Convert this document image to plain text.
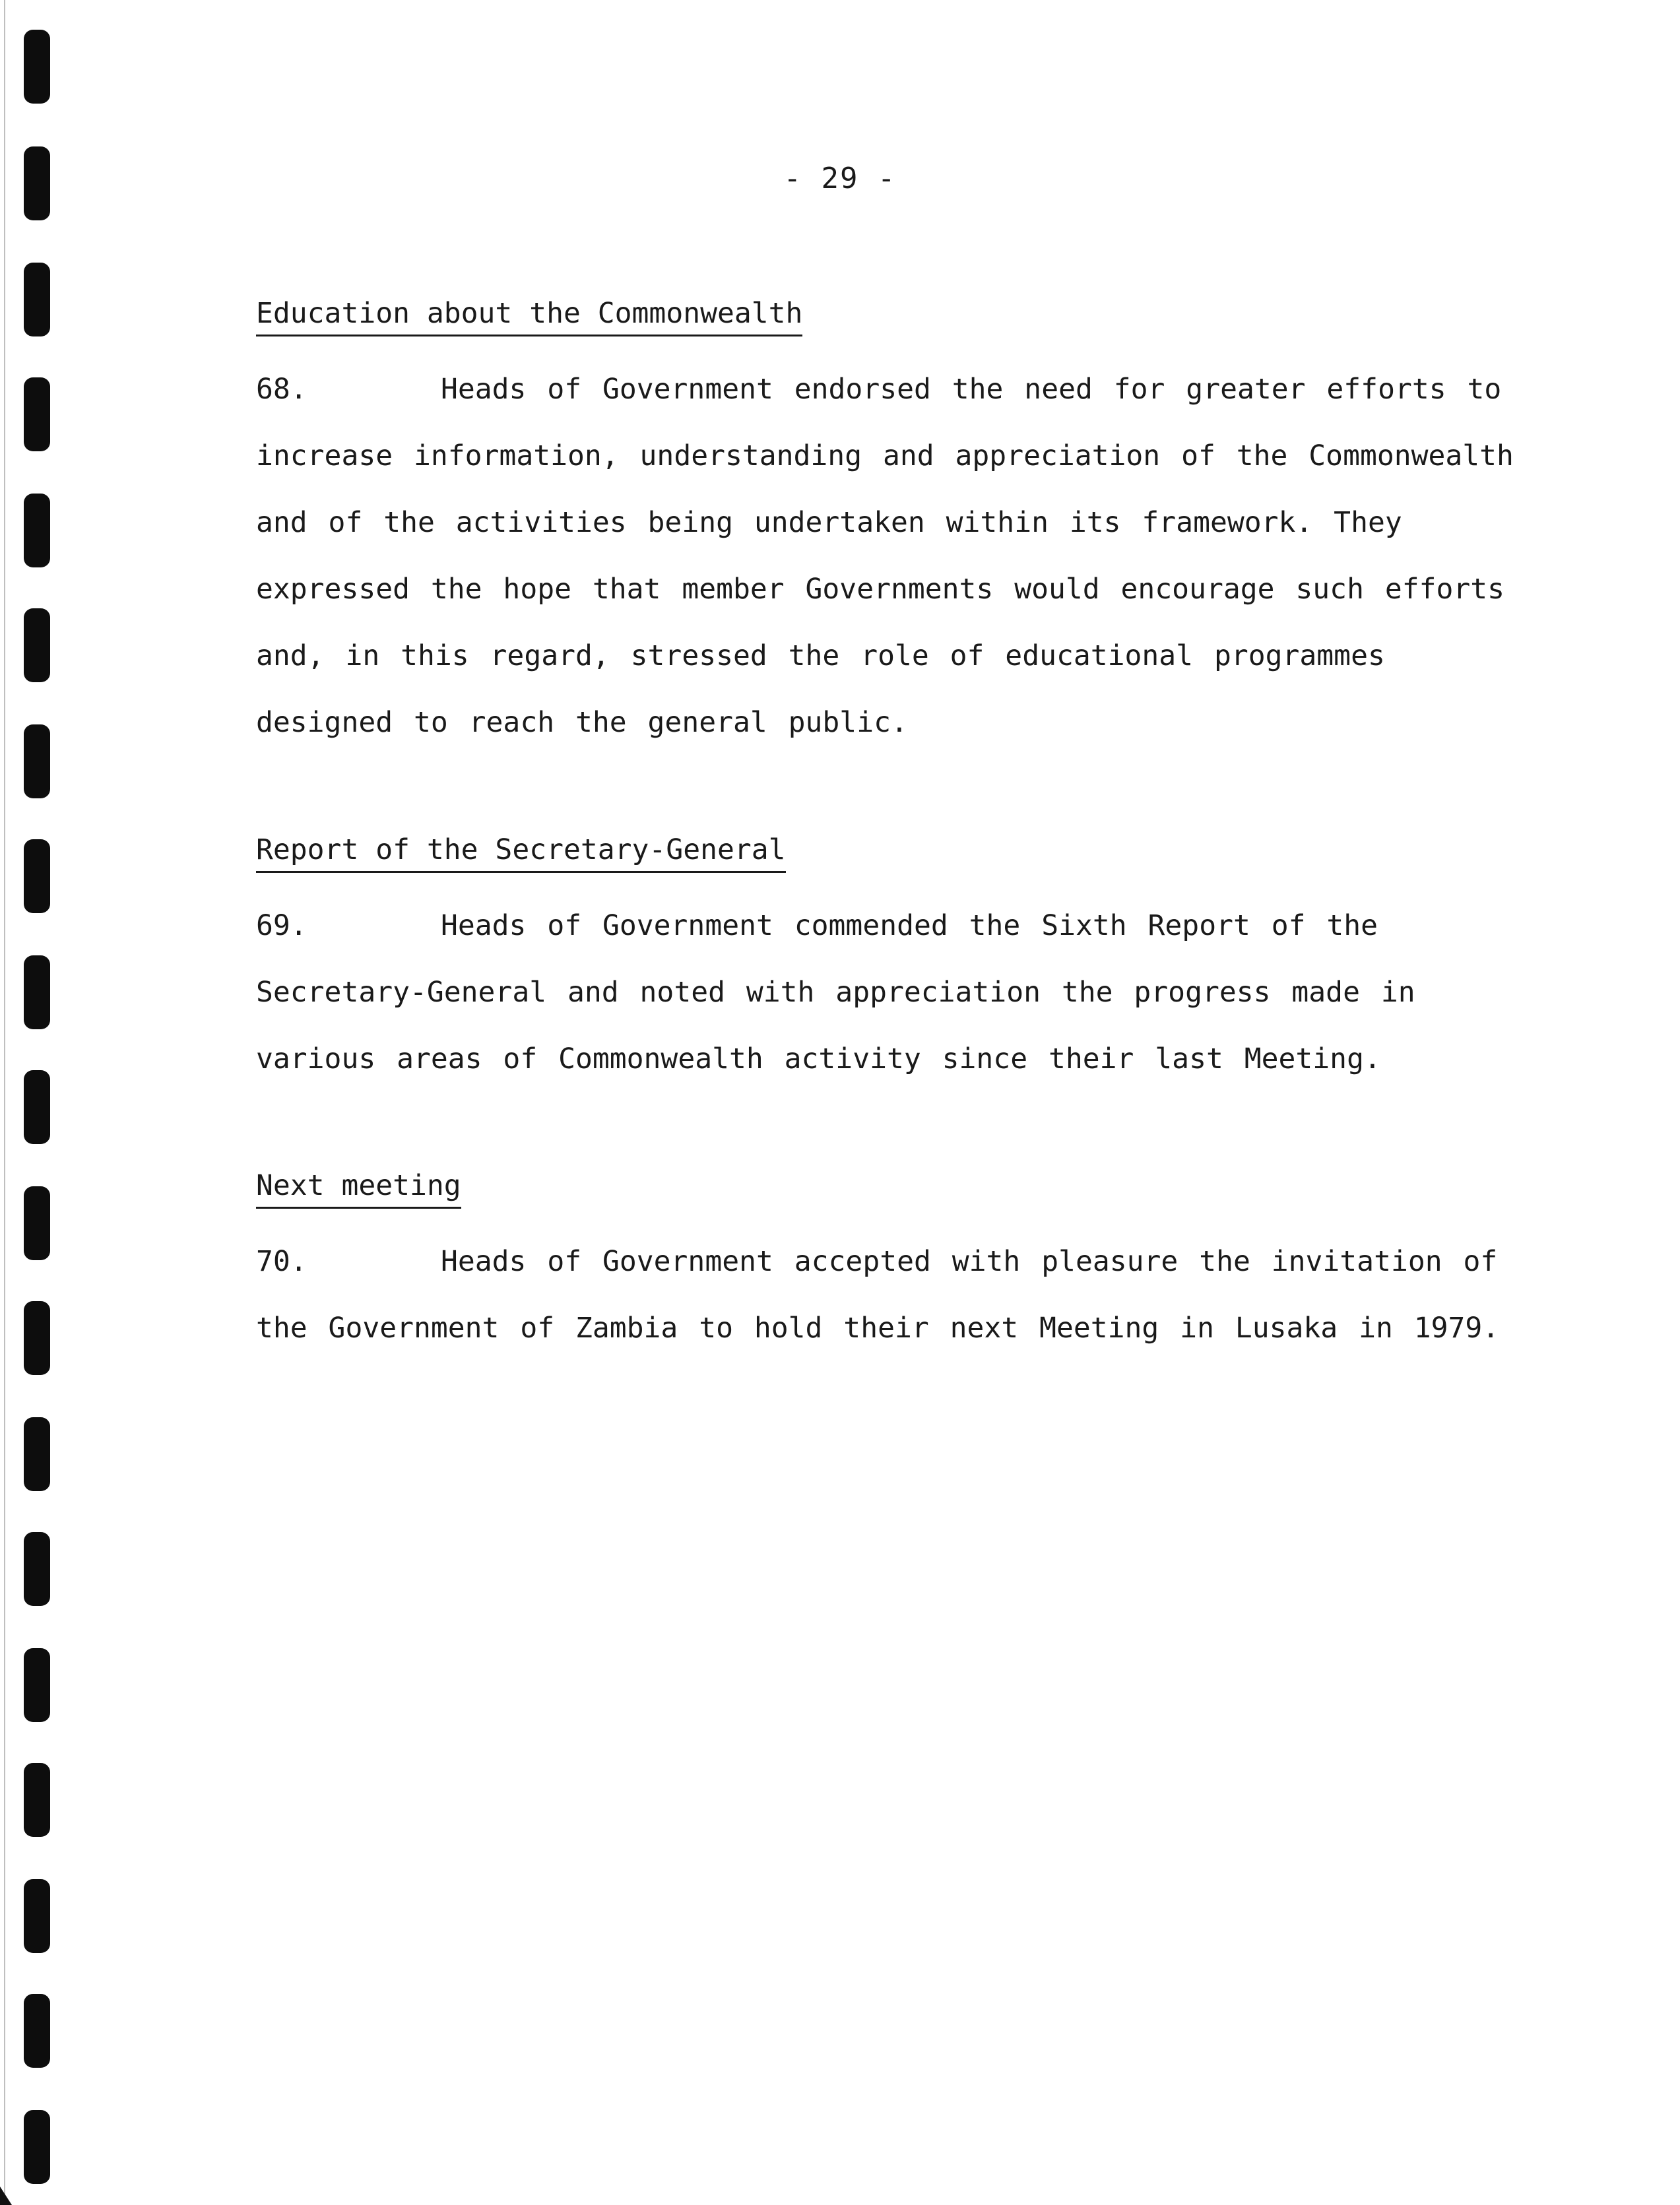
- 29 -
Education about the Commonwealth

68.	Heads of Government endorsed the need for greater efforts to increase information, understanding and appreciation of the Commonwealth and of the activities being undertaken within its framework. They expressed the hope that member Governments would encourage such efforts and, in this regard, stressed the role of educational programmes designed to reach the general public.

Report of the Secretary-General

69.	Heads of Government commended the Sixth Report of the Secretary-General and noted with appreciation the progress made in various areas of Commonwealth activity since their last Meeting.

Next meeting

70.	Heads of Government accepted with pleasure the invitation of the Government of Zambia to hold their next Meeting in Lusaka in 1979.
